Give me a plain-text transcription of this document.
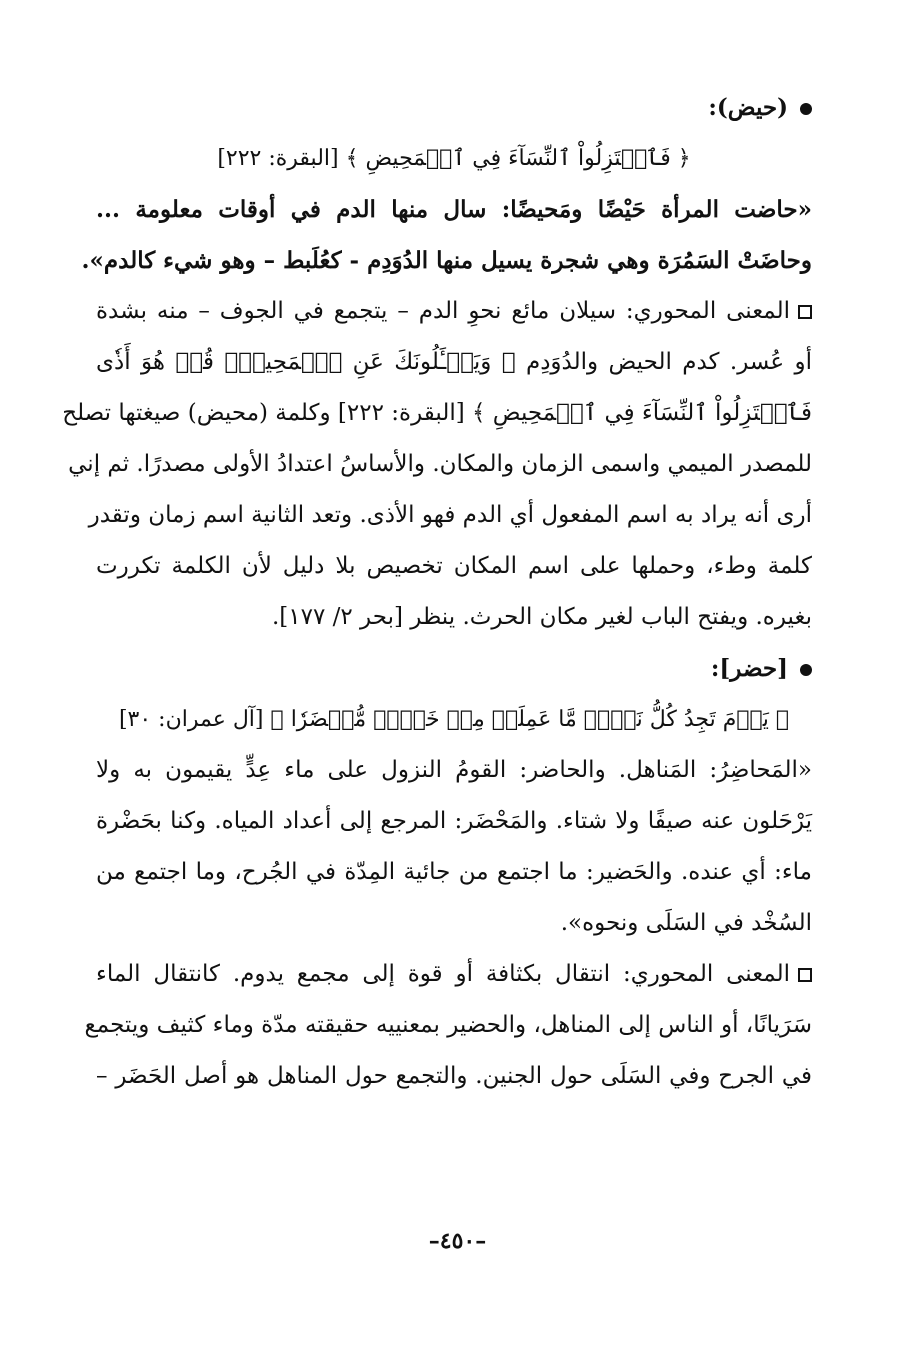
(حيض):
﴿ فَٱعۡتَزِلُواْ ٱلنِّسَآءَ فِي ٱلۡمَحِيضِ ﴾ [البقرة: ٢٢٢]
«حاضت المرأة حَيْضًا ومَحيضًا: سال منها الدم في أوقات معلومة ...
وحاضَتْ السَمُرَة وهي شجرة يسيل منها الدُوَدِم - كعُلَبط – وهو شيء كالدم».
المعنى المحوري: سيلان مائع نحوِ الدم – يتجمع في الجوف – منه بشدة
أو عُسر. كدم الحيض والدُوَدِم ﴿ وَيَسۡـَٔلُونَكَ عَنِ ٱلۡمَحِيضِۖ قُلۡ هُوَ أَذٗى
فَٱعۡتَزِلُواْ ٱلنِّسَآءَ فِي ٱلۡمَحِيضِ ﴾ [البقرة: ٢٢٢] وكلمة (محيض) صيغتها تصلح
للمصدر الميمي واسمى الزمان والمكان. والأساسُ اعتدادُ الأولى مصدرًا. ثم إني
أرى أنه يراد به اسم المفعول أي الدم فهو الأذى. وتعد الثانية اسم زمان وتقدر
كلمة وطء، وحملها على اسم المكان تخصيص بلا دليل لأن الكلمة تكررت
بغيره. ويفتح الباب لغير مكان الحرث. ينظر [بحر ٢/ ١٧٧].
[حضر]:
﴿ يَوۡمَ تَجِدُ كُلُّ نَفۡسٖ مَّا عَمِلَتۡ مِنۡ خَيۡرٖ مُّحۡضَرٗا ﴾ [آل عمران: ٣٠]
«المَحاضِرُ: المَناهل. والحاضر: القومُ النزول على ماء عِدٍّ يقيمون به ولا
يَرْحَلون عنه صيفًا ولا شتاء. والمَحْضَر: المرجع إلى أعداد المياه. وكنا بحَضْرة
ماء: أي عنده. والحَضير: ما اجتمع من جائية المِدّة في الجُرح، وما اجتمع من
السُخْد في السَلَى ونحوه».
المعنى المحوري: انتقال بكثافة أو قوة إلى مجمع يدوم. كانتقال الماء
سَرَيانًا، أو الناس إلى المناهل، والحضير بمعنييه حقيقته مدّة وماء كثيف ويتجمع
في الجرح وفي السَلَى حول الجنين. والتجمع حول المناهل هو أصل الحَضَر –
–٤٥٠–
